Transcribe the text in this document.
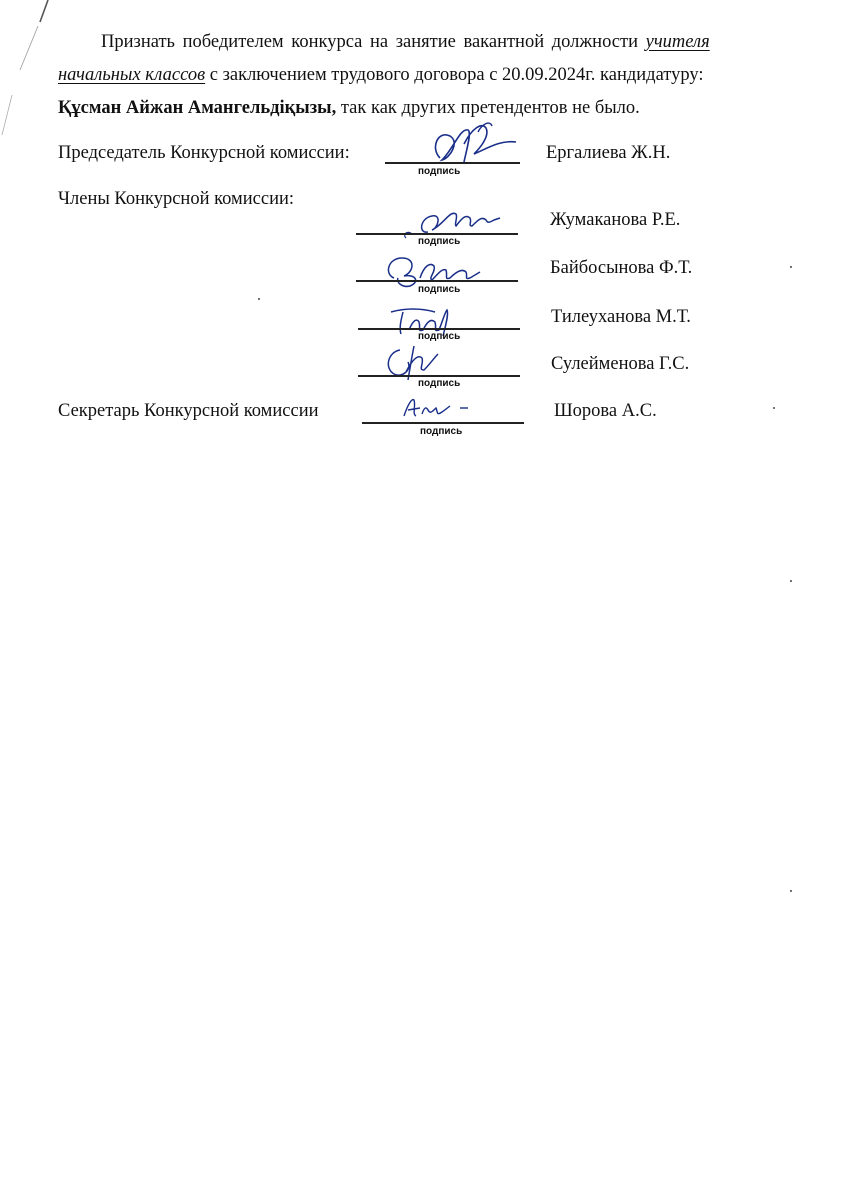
Признать победителем конкурса на занятие вакантной должности учителя
начальных классов с заключением трудового договора с 20.09.2024г. кандидатуру:
Құсман Айжан Амангельдіқызы, так как других претендентов не было.

Председатель Конкурсной комиссии:
подпись
Ергалиева Ж.Н.
Члены Конкурсной комиссии:
подпись
Жумаканова Р.Е.
подпись
Байбосынова Ф.Т.
подпись
Тилеуханова М.Т.
подпись
Сулейменова Г.С.
Секретарь Конкурсной комиссии
подпись
Шорова А.С.
